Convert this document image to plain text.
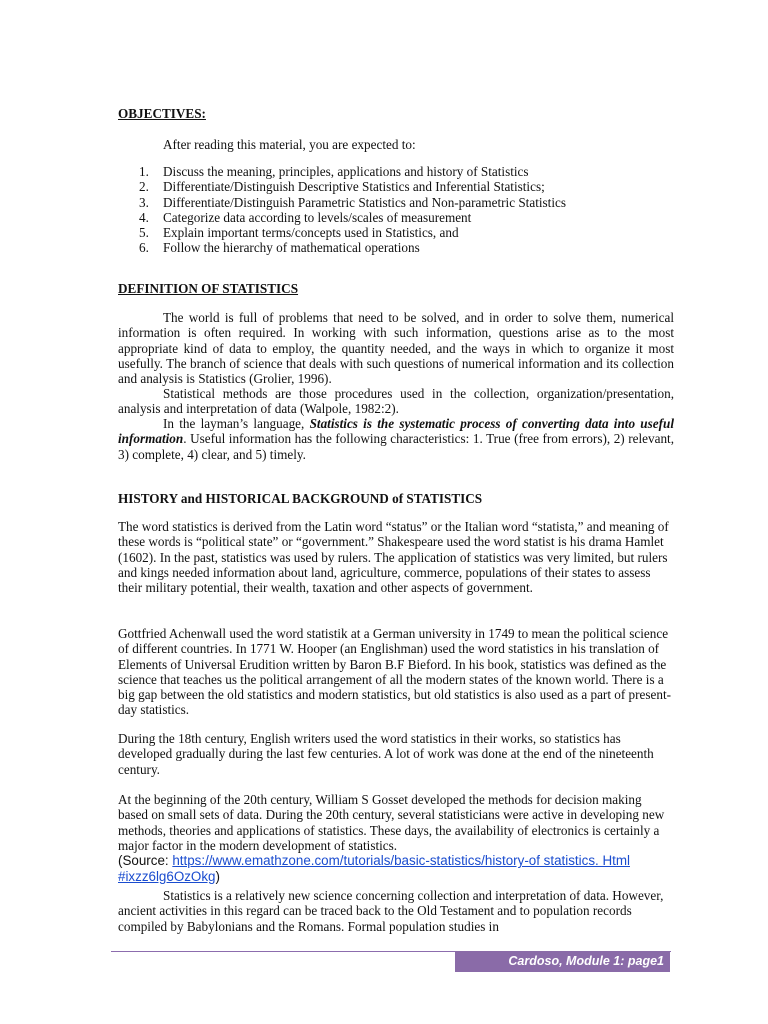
OBJECTIVES:
After reading this material, you are expected to:
1. Discuss the meaning, principles, applications and history of Statistics
2. Differentiate/Distinguish Descriptive Statistics and Inferential Statistics;
3. Differentiate/Distinguish Parametric Statistics and Non-parametric Statistics
4. Categorize data according to levels/scales of measurement
5. Explain important terms/concepts used in Statistics, and
6. Follow the hierarchy of mathematical operations
DEFINITION OF STATISTICS
The world is full of problems that need to be solved, and in order to solve them, numerical information is often required. In working with such information, questions arise as to the most appropriate kind of data to employ, the quantity needed, and the ways in which to organize it most usefully. The branch of science that deals with such questions of numerical information and its collection and analysis is Statistics (Grolier, 1996).
Statistical methods are those procedures used in the collection, organization/presentation, analysis and interpretation of data (Walpole, 1982:2).
In the layman’s language, Statistics is the systematic process of converting data into useful information. Useful information has the following characteristics: 1. True (free from errors), 2) relevant, 3) complete, 4) clear, and 5) timely.
HISTORY and HISTORICAL BACKGROUND of STATISTICS
The word statistics is derived from the Latin word “status” or the Italian word “statista,” and meaning of these words is “political state” or “government.” Shakespeare used the word statist is his drama Hamlet (1602). In the past, statistics was used by rulers. The application of statistics was very limited, but rulers and kings needed information about land, agriculture, commerce, populations of their states to assess their military potential, their wealth, taxation and other aspects of government.
Gottfried Achenwall used the word statistik at a German university in 1749 to mean the political science of different countries. In 1771 W. Hooper (an Englishman) used the word statistics in his translation of Elements of Universal Erudition written by Baron B.F Bieford. In his book, statistics was defined as the science that teaches us the political arrangement of all the modern states of the known world. There is a big gap between the old statistics and modern statistics, but old statistics is also used as a part of present-day statistics.
During the 18th century, English writers used the word statistics in their works, so statistics has developed gradually during the last few centuries. A lot of work was done at the end of the nineteenth century.
At the beginning of the 20th century, William S Gosset developed the methods for decision making based on small sets of data. During the 20th century, several statisticians were active in developing new methods, theories and applications of statistics. These days, the availability of electronics is certainly a major factor in the modern development of statistics.
(Source: https://www.emathzone.com/tutorials/basic-statistics/history-of statistics. Html #ixzz6lg6OzOkg)
Statistics is a relatively new science concerning collection and interpretation of data. However, ancient activities in this regard can be traced back to the Old Testament and to population records compiled by Babylonians and the Romans. Formal population studies in
Cardoso, Module 1: page1
